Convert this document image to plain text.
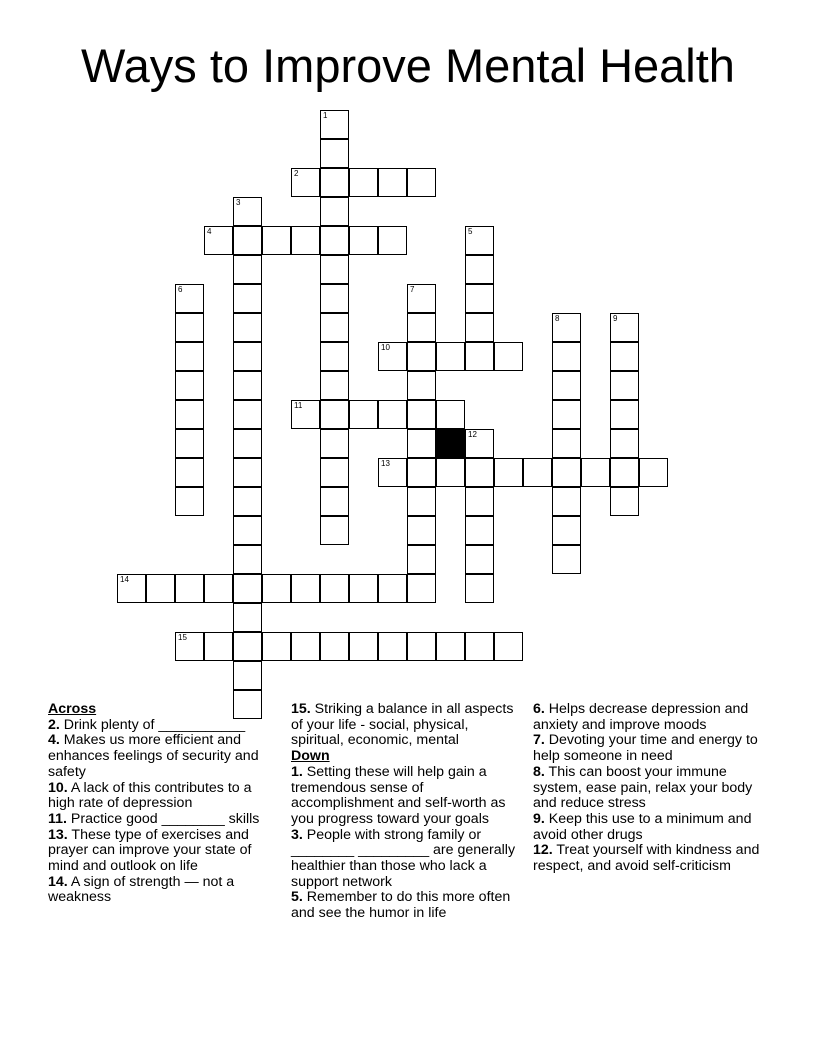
Ways to Improve Mental Health
1
2
3
4	5
6	7
8	9
10
11
12
13
14
15

Across

2. Drink plenty of ___________

4. Makes us more efficient and enhances feelings of security and safety

10. A lack of this contributes to a high rate of depression

11. Practice good ________ skills

13. These type of exercises and prayer can improve your state of mind and outlook on life

14. A sign of strength — not a weakness

15. Striking a balance in all aspects of your life - social, physical, spiritual, economic, mental

Down

1. Setting these will help gain a tremendous sense of accomplishment and self-worth as you progress toward your goals

3. People with strong family or ________ _________ are generally healthier than those who lack a support network

5. Remember to do this more often and see the humor in life

6. Helps decrease depression and anxiety and improve moods

7. Devoting your time and energy to help someone in need

8. This can boost your immune system, ease pain, relax your body and reduce stress

9. Keep this use to a minimum and avoid other drugs

12. Treat yourself with kindness and respect, and avoid self-criticism
